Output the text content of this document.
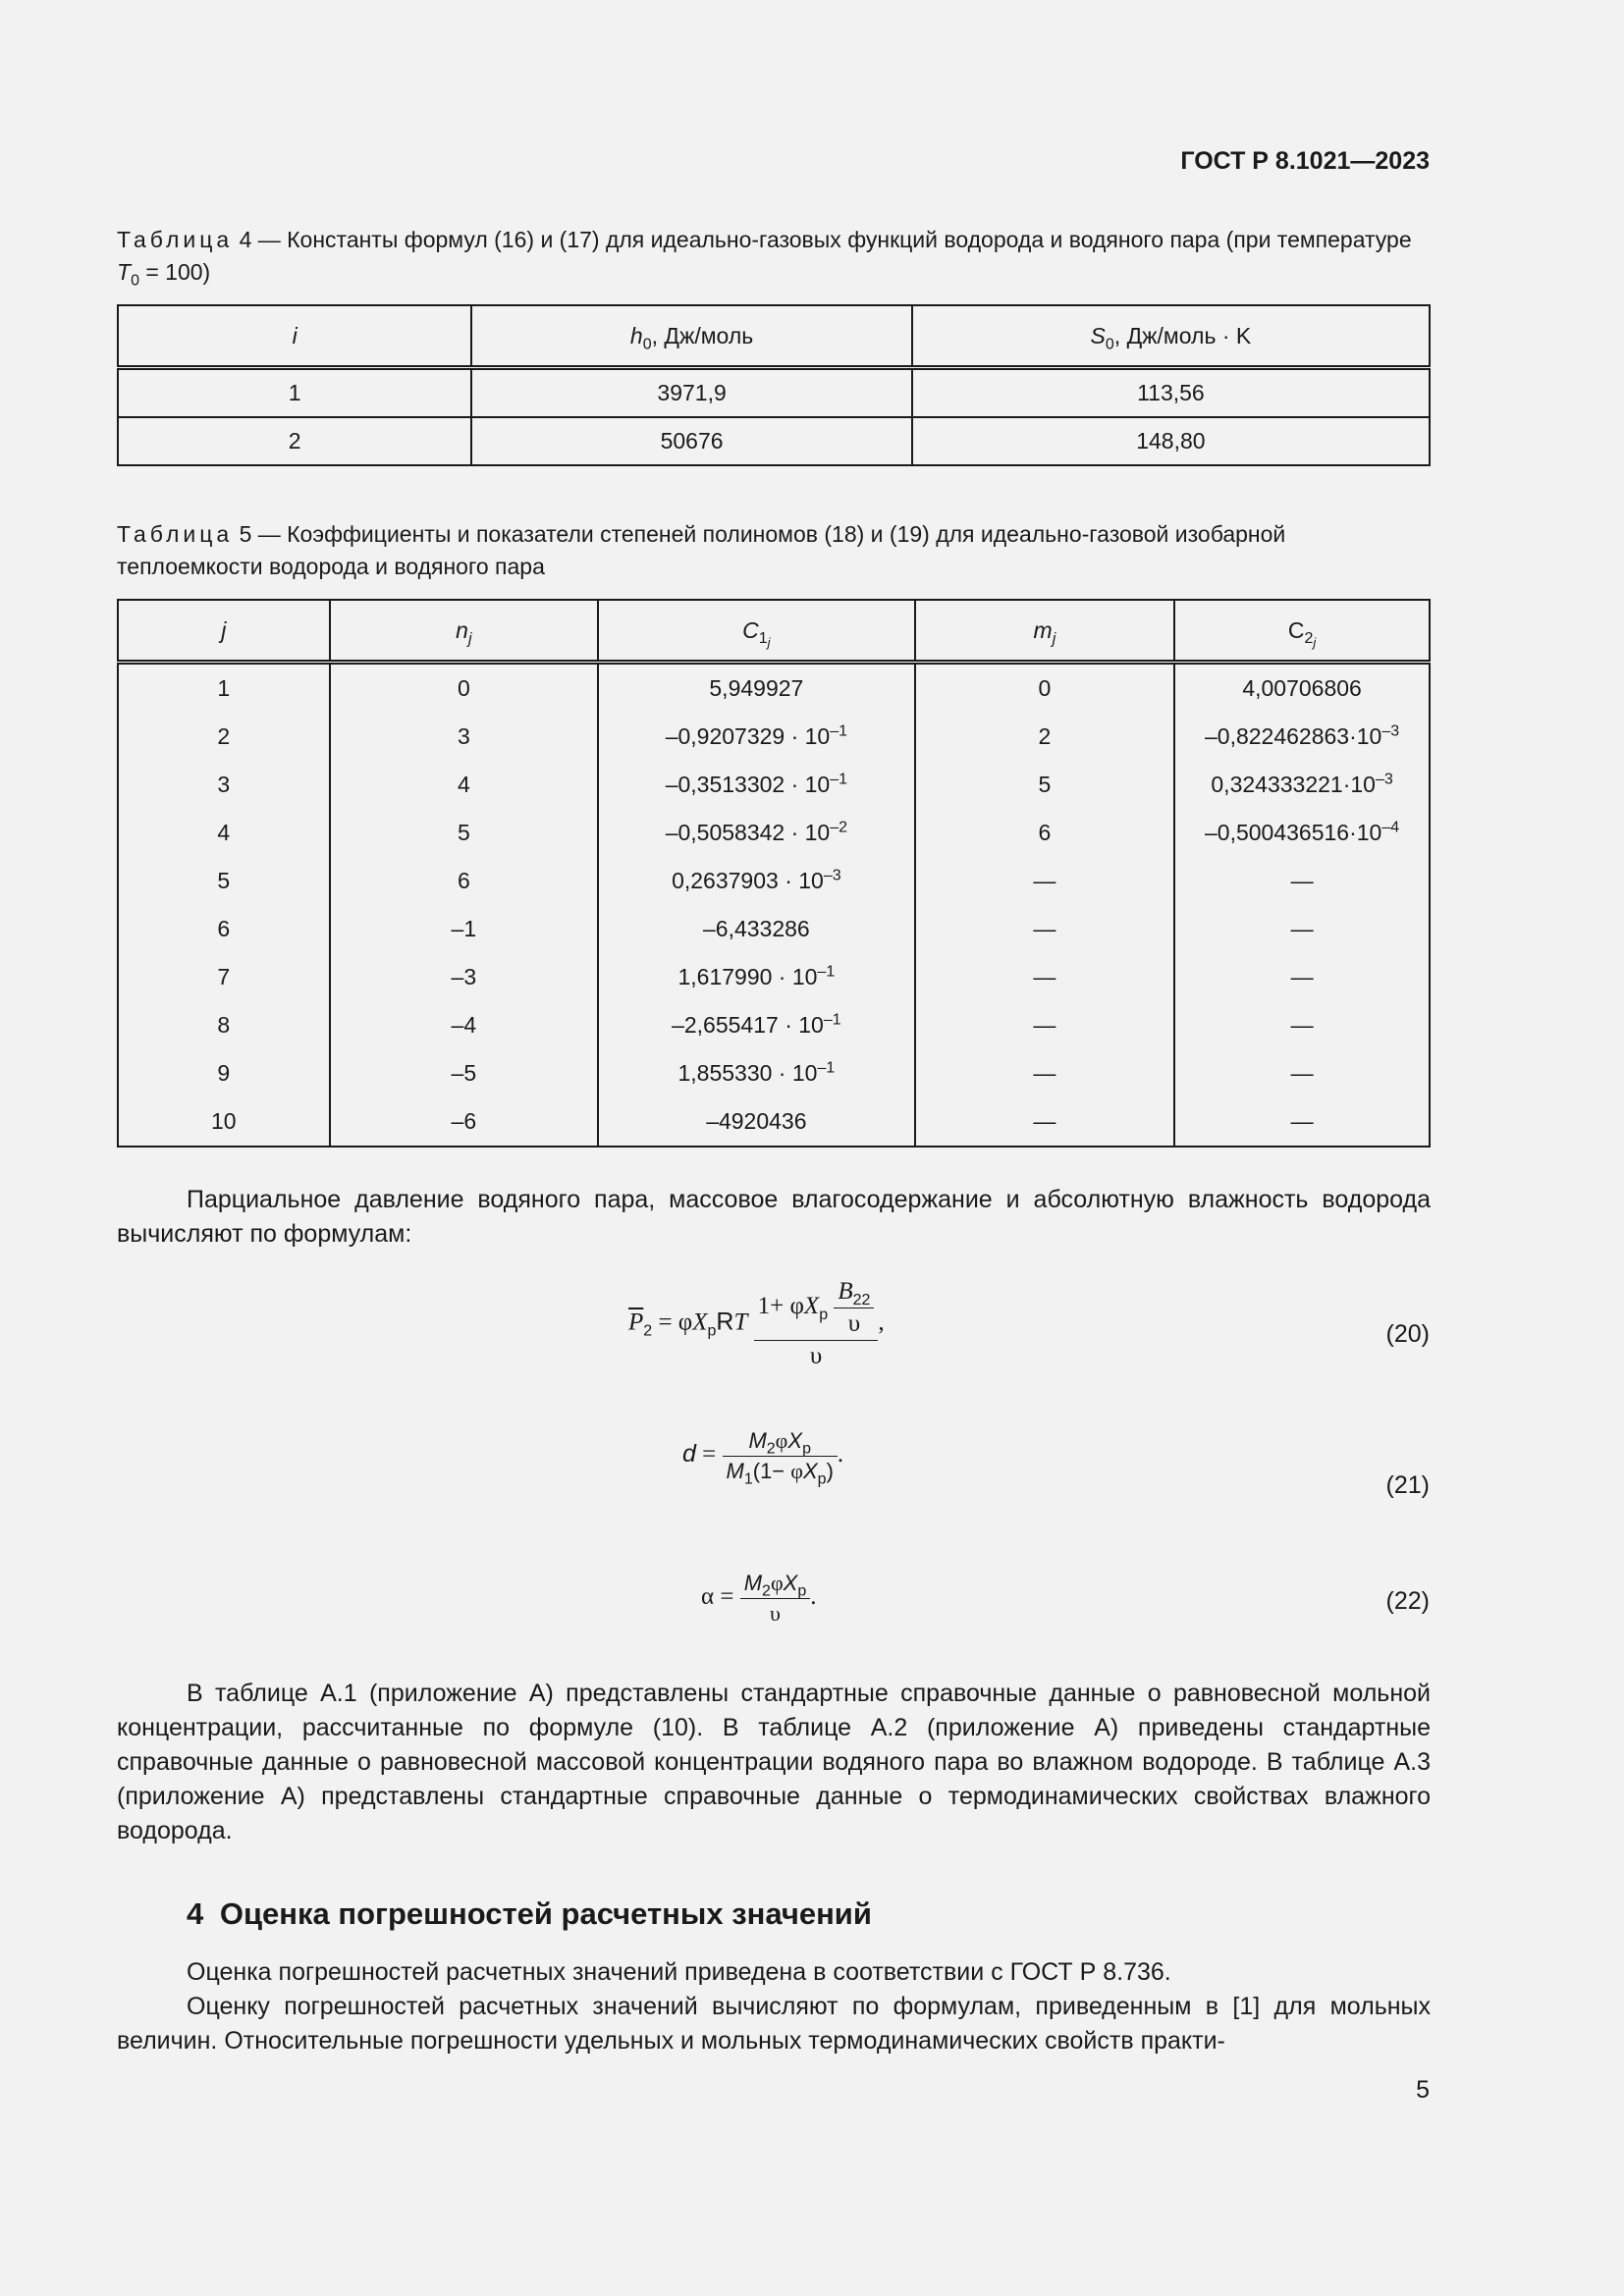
ГОСТ Р 8.1021—2023
Таблица 4 — Константы формул (16) и (17) для идеально-газовых функций водорода и водяного пара (при температуре $T_0 = 100$)
i	$h_0$, Дж/моль	$S_0$, Дж/моль · K
1	3971,9	113,56
2	50676	148,80
Таблица 5 — Коэффициенты и показатели степеней полиномов (18) и (19) для идеально-газовой изобарной теплоемкости водорода и водяного пара
j	$n_j$	$C_{1_j}$	$m_j$	$C_{2_j}$
1	0	5,949927	0	4,00706806
2	3	$-0,9207329 \cdot 10^{-1}$	2	$-0,822462863\cdot 10^{-3}$
3	4	$-0,3513302 \cdot 10^{-1}$	5	$0,324333221\cdot 10^{-3}$
4	5	$-0,5058342 \cdot 10^{-2}$	6	$-0,500436516\cdot 10^{-4}$
5	6	$0,2637903 \cdot 10^{-3}$	—	—
6	–1	–6,433286	—	—
7	–3	$1,617990 \cdot 10^{-1}$	—	—
8	–4	$-2,655417 \cdot 10^{-1}$	—	—
9	–5	$1,855330 \cdot 10^{-1}$	—	—
10	–6	–4920436	—	—
Парциальное давление водяного пара, массовое влагосодержание и абсолютную влажность водорода вычисляют по формулам:
$\overline{P}_2 = \varphi X_pRT \frac{1+ \varphi X_p \frac{B_{22}}{\upsilon}}{\upsilon}$ ,	(20)
$d = \frac{M_2\varphi X_p}{M_1(1- \varphi X_p)}$ .
(21)
$\alpha = \frac{M_2\varphi X_p}{\upsilon}$ .	(22)
В таблице А.1 (приложение А) представлены стандартные справочные данные о равновесной мольной концентрации, рассчитанные по формуле (10). В таблице А.2 (приложение А) приведены стандартные справочные данные о равновесной массовой концентрации водяного пара во влажном водороде. В таблице А.3 (приложение А) представлены стандартные справочные данные о термодинамических свойствах влажного водорода.
4 Оценка погрешностей расчетных значений
Оценка погрешностей расчетных значений приведена в соответствии с ГОСТ Р 8.736.
Оценку погрешностей расчетных значений вычисляют по формулам, приведенным в [1] для мольных величин. Относительные погрешности удельных и мольных термодинамических свойств практи-
5
